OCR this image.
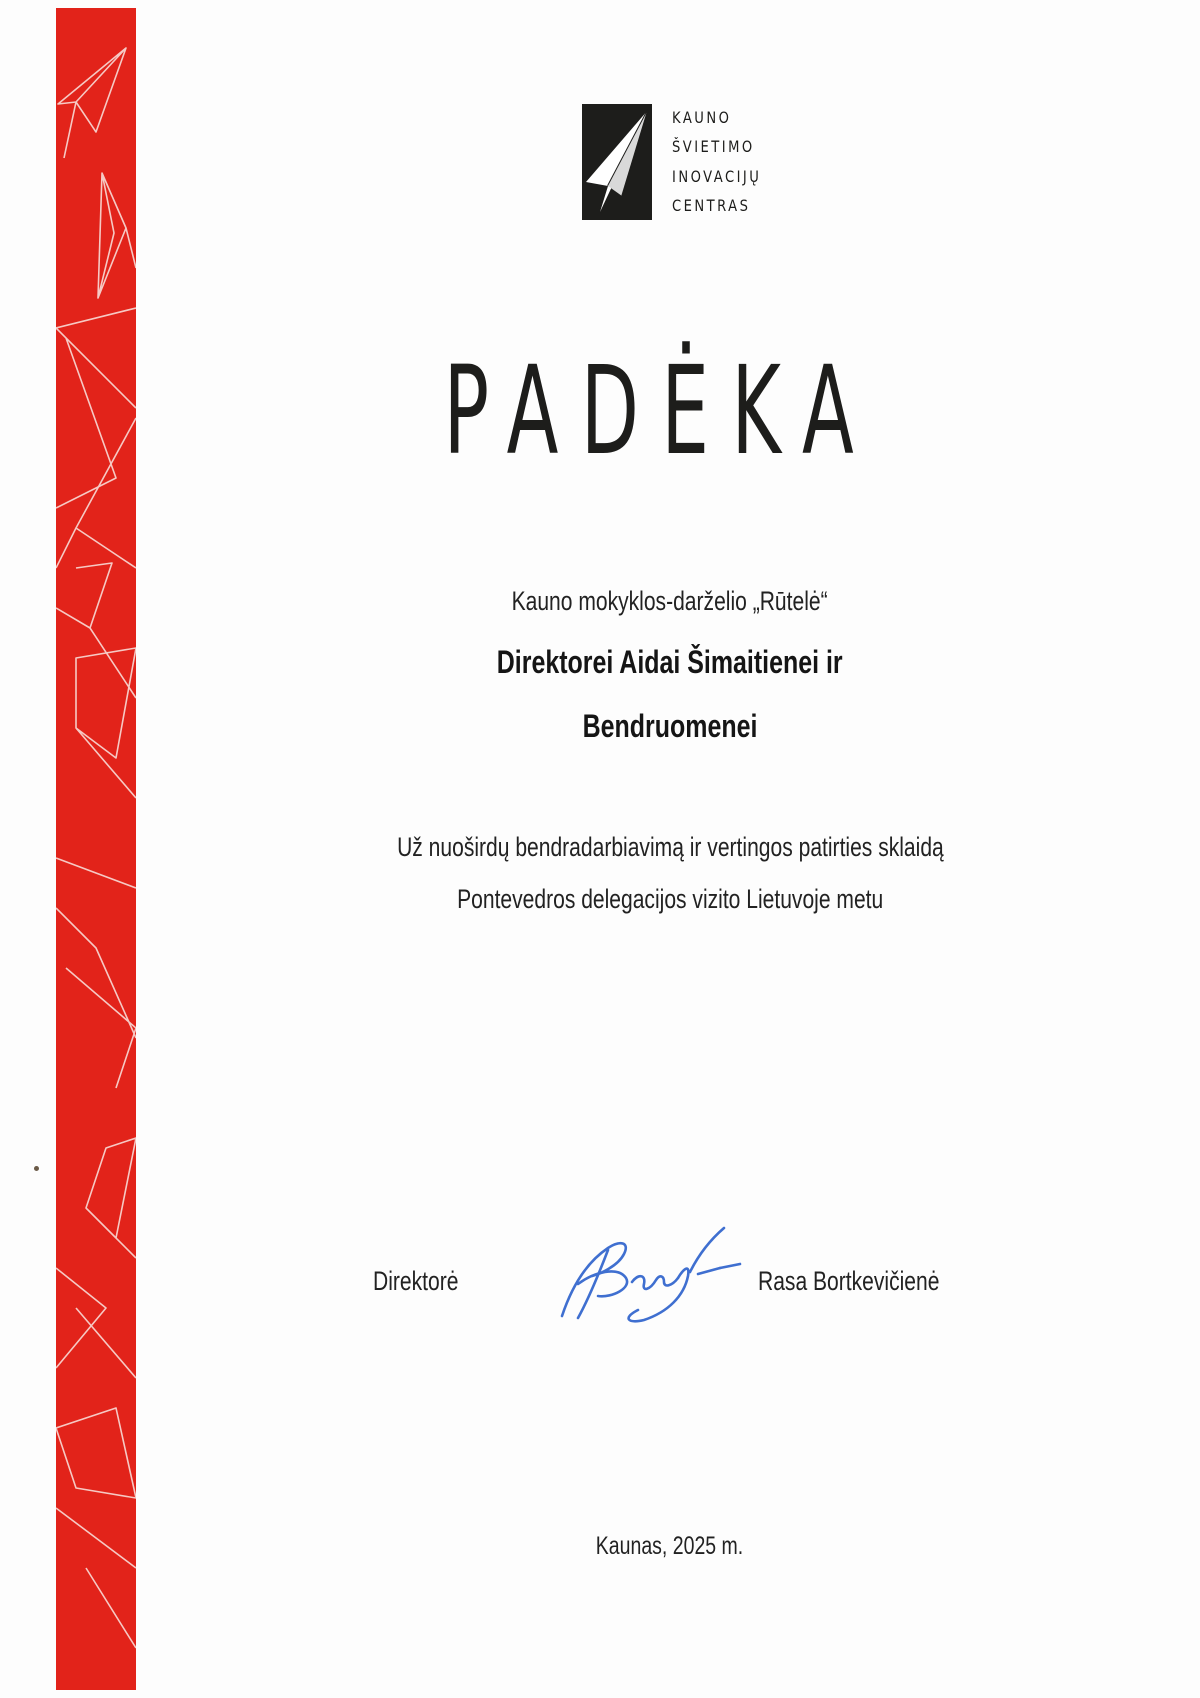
KAUNO
ŠVIETIMO
INOVACIJŲ
CENTRAS
PADĖKA
Kauno mokyklos-darželio „Rūtelė“
Direktorei Aidai Šimaitienei ir
Bendruomenei
Už nuoširdų bendradarbiavimą ir vertingos patirties sklaidą
Pontevedros delegacijos vizito Lietuvoje metu
Direktorė	Rasa Bortkevičienė
Kaunas, 2025 m.
